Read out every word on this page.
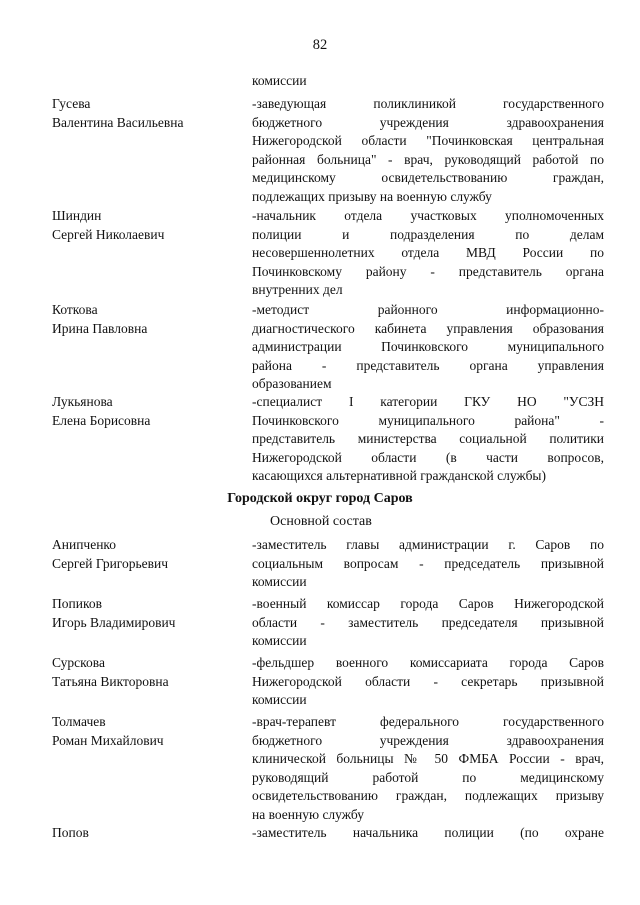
82
комиссии
Городской округ город Саров
Основной состав
Гусева
Валентина Васильевна
-заведующая поликлиникой государственного
бюджетного учреждения здравоохранения
Нижегородской области "Починковская центральная
районная больница" - врач, руководящий работой по
медицинскому освидетельствованию граждан,
подлежащих призыву на военную службу
Шиндин
Сергей Николаевич
-начальник отдела участковых уполномоченных
полиции и подразделения по делам
несовершеннолетних отдела МВД России по
Починковскому району - представитель органа
внутренних дел
Коткова
Ирина Павловна
-методист районного информационно-
диагностического кабинета управления образования
администрации Починковского муниципального
района - представитель органа управления
образованием
Лукьянова
Елена Борисовна
-специалист I категории ГКУ НО "УСЗН
Починковского муниципального района" -
представитель министерства социальной политики
Нижегородской области (в части вопросов,
касающихся альтернативной гражданской службы)
Анипченко
Сергей Григорьевич
-заместитель главы администрации г. Саров по
социальным вопросам - председатель призывной
комиссии
Попиков
Игорь Владимирович
-военный комиссар города Саров Нижегородской
области - заместитель председателя призывной
комиссии
Сурскова
Татьяна Викторовна
-фельдшер военного комиссариата города Саров
Нижегородской области - секретарь призывной
комиссии
Толмачев
Роман Михайлович
-врач-терапевт федерального государственного
бюджетного учреждения здравоохранения
клинической больницы № 50 ФМБА России - врач,
руководящий работой по медицинскому
освидетельствованию граждан, подлежащих призыву
на военную службу
Попов	-заместитель начальника полиции (по охране
